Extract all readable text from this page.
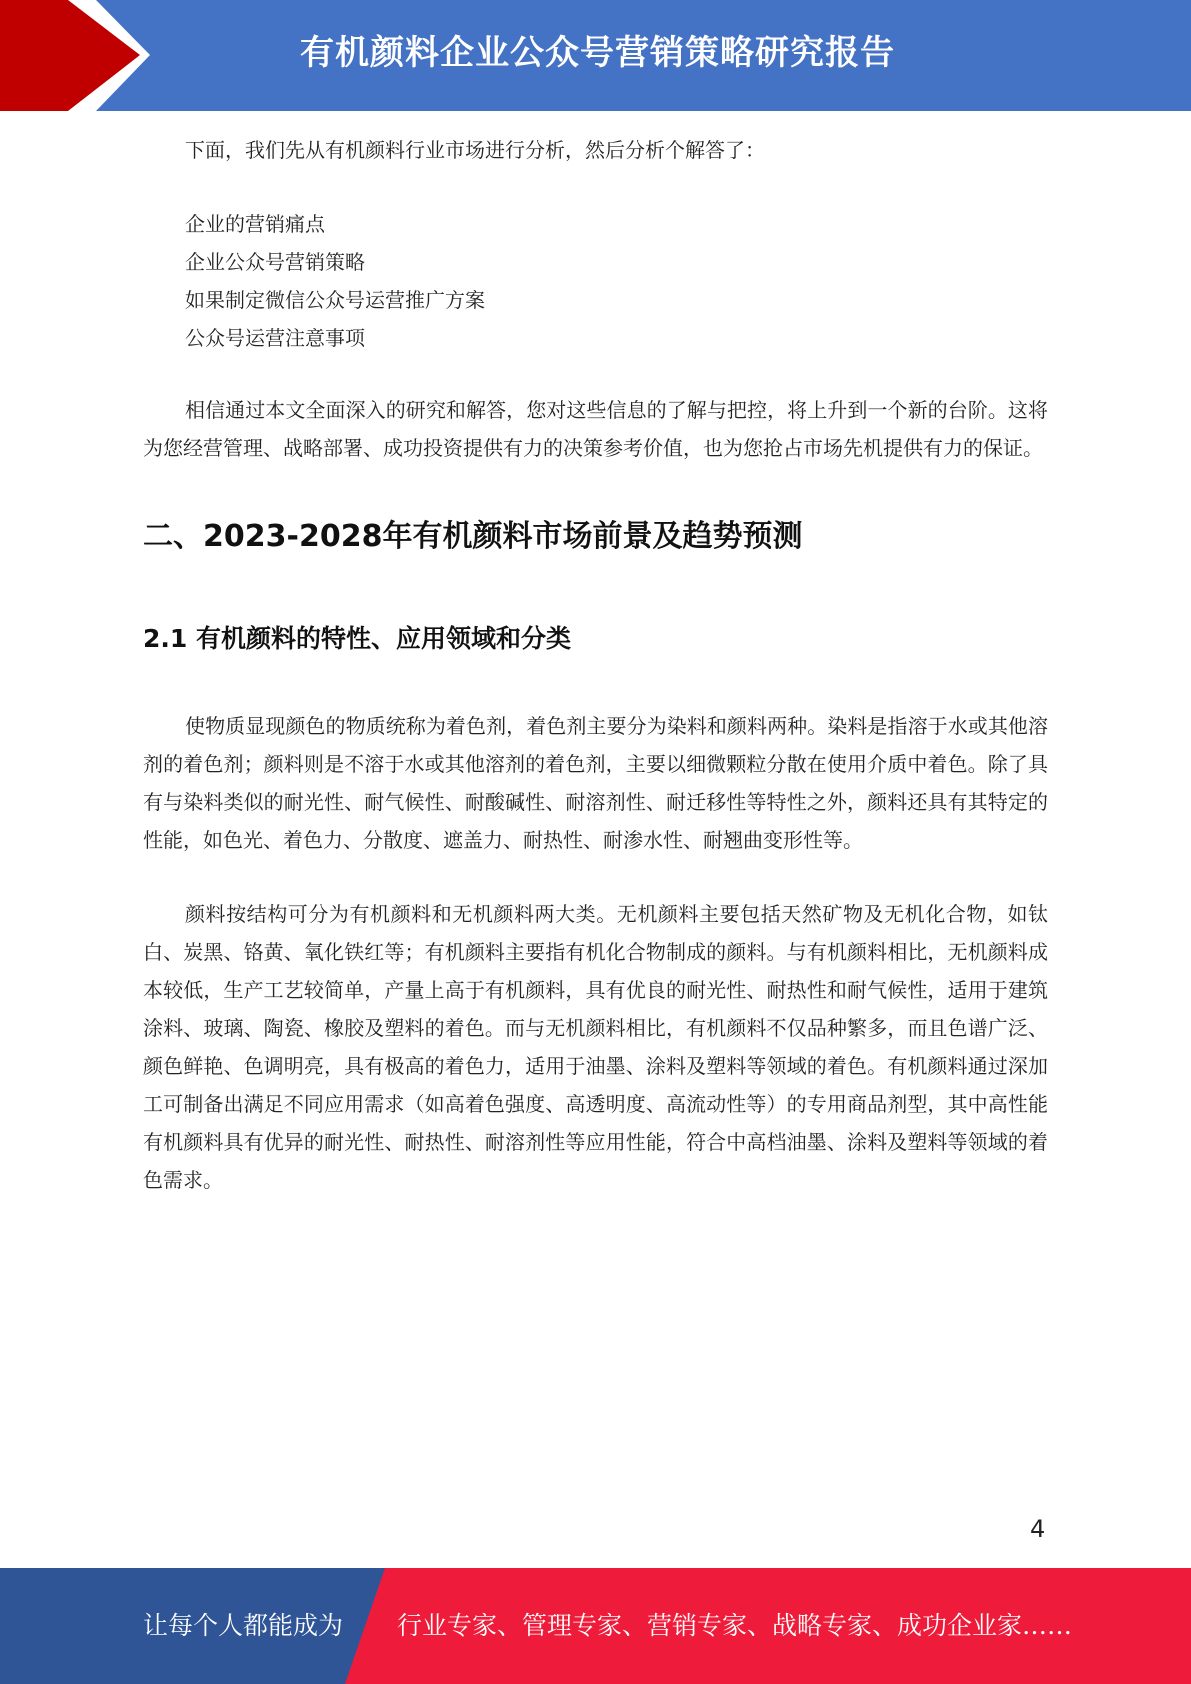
有机颜料企业公众号营销策略研究报告

下面，我们先从有机颜料行业市场进行分析，然后分析个解答了：

企业的营销痛点

企业公众号营销策略

如果制定微信公众号运营推广方案

公众号运营注意事项

相信通过本文全面深入的研究和解答，您对这些信息的了解与把控，将上升到一个新的台阶。这将为您经营管理、战略部署、成功投资提供有力的决策参考价值，也为您抢占市场先机提供有力的保证。

二、2023-2028年有机颜料市场前景及趋势预测
2.1 有机颜料的特性、应用领域和分类

使物质显现颜色的物质统称为着色剂，着色剂主要分为染料和颜料两种。染料是指溶于水或其他溶剂的着色剂；颜料则是不溶于水或其他溶剂的着色剂，主要以细微颗粒分散在使用介质中着色。除了具有与染料类似的耐光性、耐气候性、耐酸碱性、耐溶剂性、耐迁移性等特性之外，颜料还具有其特定的性能，如色光、着色力、分散度、遮盖力、耐热性、耐渗水性、耐翘曲变形性等。

颜料按结构可分为有机颜料和无机颜料两大类。无机颜料主要包括天然矿物及无机化合物，如钛白、炭黑、铬黄、氧化铁红等；有机颜料主要指有机化合物制成的颜料。与有机颜料相比，无机颜料成本较低，生产工艺较简单，产量上高于有机颜料，具有优良的耐光性、耐热性和耐气候性，适用于建筑涂料、玻璃、陶瓷、橡胶及塑料的着色。而与无机颜料相比，有机颜料不仅品种繁多，而且色谱广泛、颜色鲜艳、色调明亮，具有极高的着色力，适用于油墨、涂料及塑料等领域的着色。有机颜料通过深加工可制备出满足不同应用需求（如高着色强度、高透明度、高流动性等）的专用商品剂型，其中高性能有机颜料具有优异的耐光性、耐热性、耐溶剂性等应用性能，符合中高档油墨、涂料及塑料等领域的着色需求。

4
让每个人都能成为 行业专家、管理专家、营销专家、战略专家、成功企业家……
